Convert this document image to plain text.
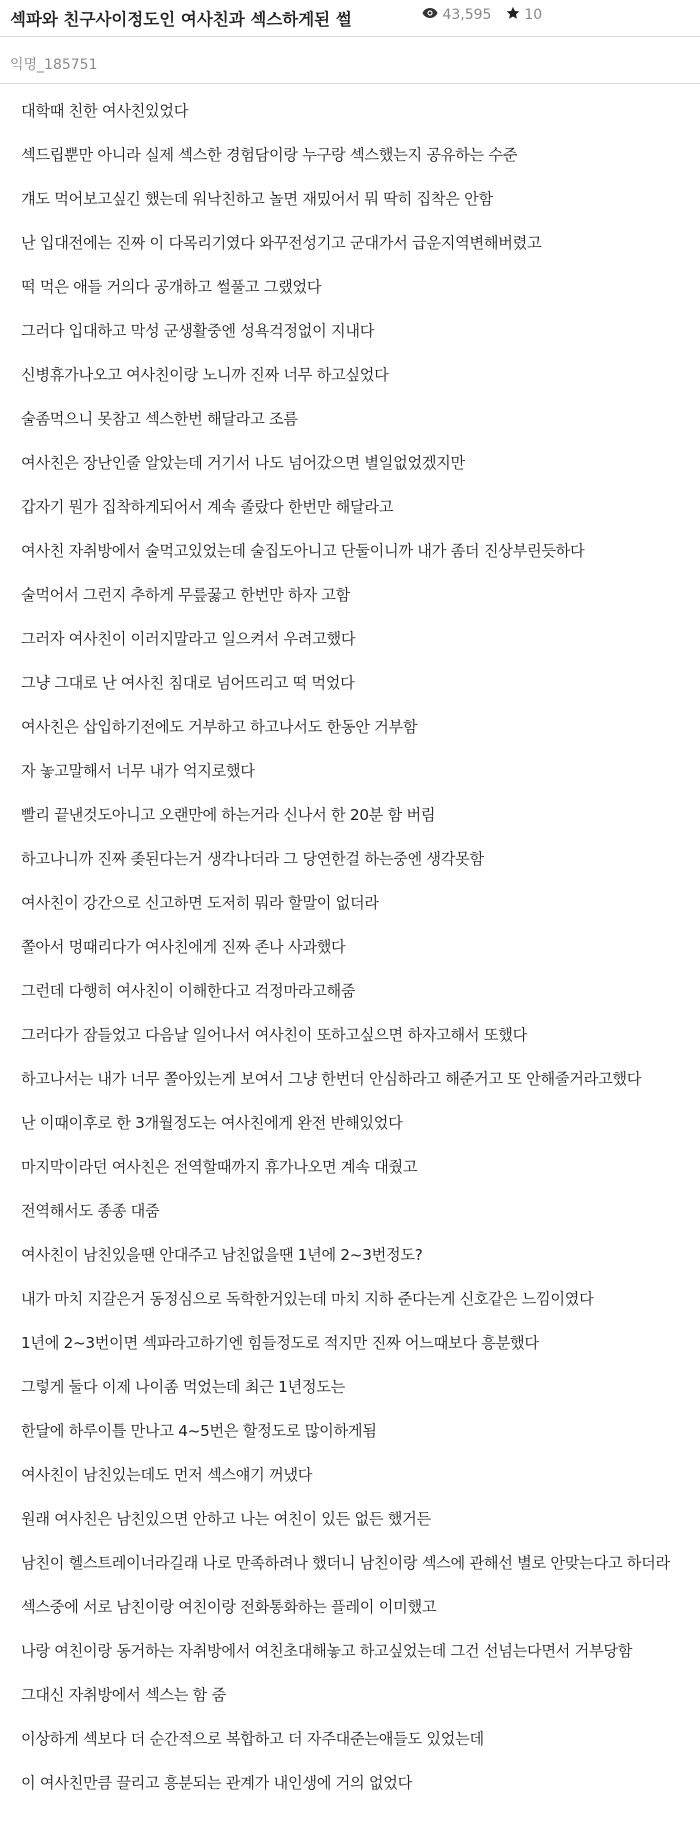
섹파와 친구사이정도인 여사친과 섹스하게된 썰	43,595 10
익명_185751

대학때 친한 여사친있었다

섹드립뿐만 아니라 실제 섹스한 경험담이랑 누구랑 섹스했는지 공유하는 수준

걔도 먹어보고싶긴 했는데 워낙친하고 놀면 재밌어서 뭐 딱히 집착은 안함

난 입대전에는 진짜 이 다목리기였다 와꾸전성기고 군대가서 급운지역변해버렸고

떡 먹은 애들 거의다 공개하고 썰풀고 그랬었다

그러다 입대하고 막성 군생활중엔 성욕걱정없이 지내다

신병휴가나오고 여사친이랑 노니까 진짜 너무 하고싶었다

술좀먹으니 못참고 섹스한번 해달라고 조름

여사친은 장난인줄 알았는데 거기서 나도 넘어갔으면 별일없었겠지만

갑자기 뭔가 집착하게되어서 계속 졸랐다 한번만 해달라고

여사친 자취방에서 술먹고있었는데 술집도아니고 단둘이니까 내가 좀더 진상부린듯하다

술먹어서 그런지 추하게 무릎꿇고 한번만 하자 고함

그러자 여사친이 이러지말라고 일으켜서 우려고했다

그냥 그대로 난 여사친 침대로 넘어뜨리고 떡 먹었다

여사친은 삽입하기전에도 거부하고 하고나서도 한동안 거부함

자 놓고말해서 너무 내가 억지로했다

빨리 끝낸것도아니고 오랜만에 하는거라 신나서 한 20분 함 버림

하고나니까 진짜 좆된다는거 생각나더라 그 당연한걸 하는중엔 생각못함

여사친이 강간으로 신고하면 도저히 뭐라 할말이 없더라

쫄아서 멍때리다가 여사친에게 진짜 존나 사과했다

그런데 다행히 여사친이 이해한다고 걱정마라고해줌

그러다가 잠들었고 다음날 일어나서 여사친이 또하고싶으면 하자고해서 또했다

하고나서는 내가 너무 쫄아있는게 보여서 그냥 한번더 안심하라고 해준거고 또 안해줄거라고했다

난 이때이후로 한 3개월정도는 여사친에게 완전 반해있었다

마지막이라던 여사친은 전역할때까지 휴가나오면 계속 대줬고

전역해서도 종종 대줌

여사친이 남친있을땐 안대주고 남친없을땐 1년에 2~3번정도?

내가 마치 지갈은거 동정심으로 독학한거있는데 마치 지하 준다는게 신호같은 느낌이였다

1년에 2~3번이면 섹파라고하기엔 힘들정도로 적지만 진짜 어느때보다 흥분했다

그렇게 둘다 이제 나이좀 먹었는데 최근 1년정도는

한달에 하루이틀 만나고 4~5번은 할정도로 많이하게됨

여사친이 남친있는데도 먼저 섹스얘기 꺼냈다

원래 여사친은 남친있으면 안하고 나는 여친이 있든 없든 했거든

남친이 헬스트레이너라길래 나로 만족하려나 했더니 남친이랑 섹스에 관해선 별로 안맞는다고 하더라

섹스중에 서로 남친이랑 여친이랑 전화통화하는 플레이 이미했고

나랑 여친이랑 동거하는 자취방에서 여친초대해놓고 하고싶었는데 그건 선넘는다면서 거부당함

그대신 자취방에서 섹스는 함 줌

이상하게 섹보다 더 순간적으로 복합하고 더 자주대준는애들도 있었는데

이 여사친만큼 끌리고 흥분되는 관계가 내인생에 거의 없었다
